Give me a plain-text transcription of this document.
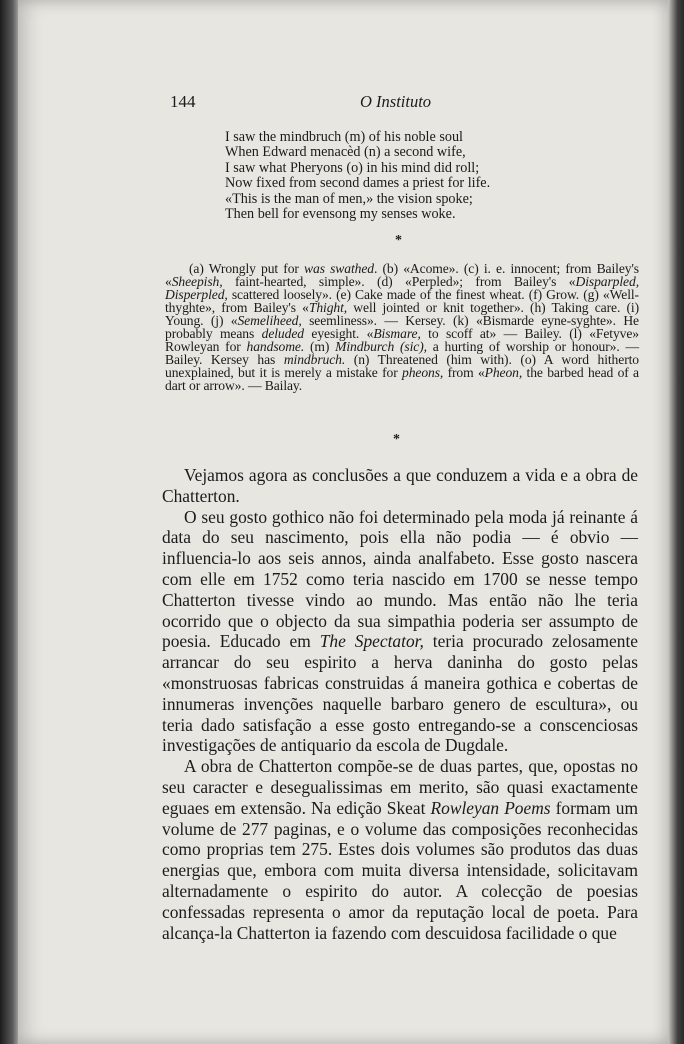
144	O Instituto
I saw the mindbruch (m) of his noble soul
When Edward menacèd (n) a second wife,
I saw what Pheryons (o) in his mind did roll;
Now fixed from second dames a priest for life.
«This is the man of men,» the vision spoke;
Then bell for evensong my senses woke.
*
(a) Wrongly put for was swathed. (b) «Acome». (c) i. e. innocent; from Bailey's «Sheepish, faint-hearted, simple». (d) «Perpled»; from Bailey's «Disparpled, Disperpled, scattered loosely». (e) Cake made of the finest wheat. (f) Grow. (g) «Well-thyghte», from Bailey's «Thight, well jointed or knit together». (h) Taking care. (i) Young. (j) «Semeliheed, seemliness». — Kersey. (k) «Bismarde eyne-syghte». He probably means deluded eyesight. «Bismare, to scoff at» — Bailey. (l) «Fetyve» Rowleyan for handsome. (m) Mindburch (sic), a hurting of worship or honour». — Bailey. Kersey has mindbruch. (n) Threatened (him with). (o) A word hitherto unexplained, but it is merely a mistake for pheons, from «Pheon, the barbed head of a dart or arrow». — Bailay.
*

Vejamos agora as conclusões a que conduzem a vida e a obra de Chatterton.

O seu gosto gothico não foi determinado pela moda já reinante á data do seu nascimento, pois ella não podia — é obvio — influencia-lo aos seis annos, ainda analfabeto. Esse gosto nascera com elle em 1752 como teria nascido em 1700 se nesse tempo Chatterton tivesse vindo ao mundo. Mas então não lhe teria ocorrido que o objecto da sua simpathia poderia ser assumpto de poesia. Educado em The Spectator, teria procurado zelosamente arrancar do seu espirito a herva daninha do gosto pelas «monstruosas fabricas construidas á maneira gothica e cobertas de innumeras invenções naquelle barbaro genero de escultura», ou teria dado satisfação a esse gosto entregando-se a conscenciosas investigações de antiquario da escola de Dugdale.

A obra de Chatterton compõe-se de duas partes, que, opostas no seu caracter e desegualissimas em merito, são quasi exactamente eguaes em extensão. Na edição Skeat Rowleyan Poems formam um volume de 277 paginas, e o volume das composições reconhecidas como proprias tem 275. Estes dois volumes são produtos das duas energias que, embora com muita diversa intensidade, solicitavam alternadamente o espirito do autor. A colecção de poesias confessadas representa o amor da reputação local de poeta. Para alcança-la Chatterton ia fazendo com descuidosa facilidade o que
